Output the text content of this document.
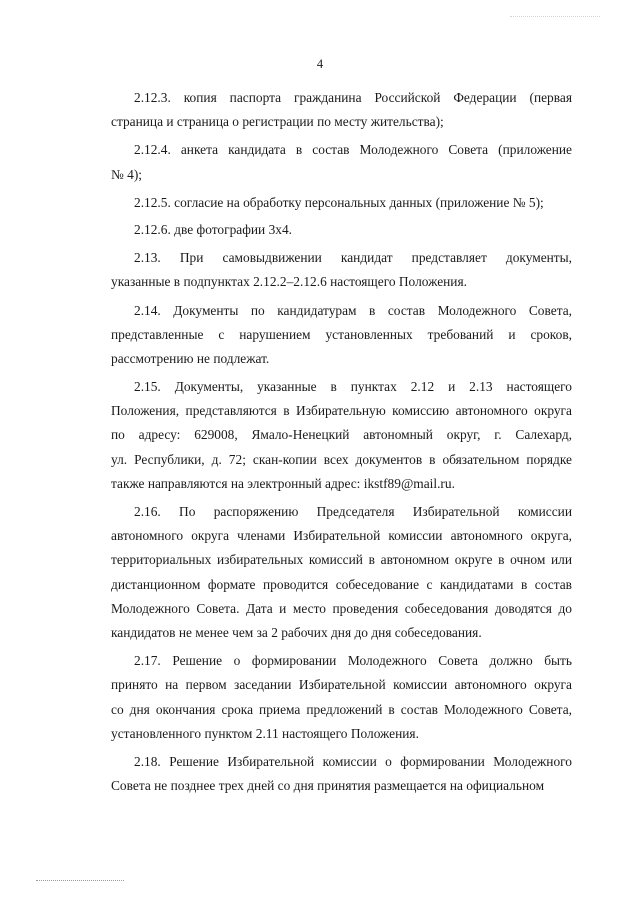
4
2.12.3. копия паспорта гражданина Российской Федерации (первая
страница и страница о регистрации по месту жительства);
2.12.4. анкета кандидата в состав Молодежного Совета (приложение
№ 4);
2.12.5. согласие на обработку персональных данных (приложение № 5);
2.12.6. две фотографии 3х4.
2.13. При самовыдвижении кандидат представляет документы,
указанные в подпунктах 2.12.2–2.12.6 настоящего Положения.
2.14. Документы по кандидатурам в состав Молодежного Совета,
представленные с нарушением установленных требований и сроков,
рассмотрению не подлежат.
2.15. Документы, указанные в пунктах 2.12 и 2.13 настоящего
Положения, представляются в Избирательную комиссию автономного округа
по адресу: 629008, Ямало-Ненецкий автономный округ, г. Салехард,
ул. Республики, д. 72; скан-копии всех документов в обязательном порядке
также направляются на электронный адрес: ikstf89@mail.ru.
2.16. По распоряжению Председателя Избирательной комиссии
автономного округа членами Избирательной комиссии автономного округа,
территориальных избирательных комиссий в автономном округе в очном или
дистанционном формате проводится собеседование с кандидатами в состав
Молодежного Совета. Дата и место проведения собеседования доводятся до
кандидатов не менее чем за 2 рабочих дня до дня собеседования.
2.17. Решение о формировании Молодежного Совета должно быть
принято на первом заседании Избирательной комиссии автономного округа
со дня окончания срока приема предложений в состав Молодежного Совета,
установленного пунктом 2.11 настоящего Положения.
2.18. Решение Избирательной комиссии о формировании Молодежного
Совета не позднее трех дней со дня принятия размещается на официальном
